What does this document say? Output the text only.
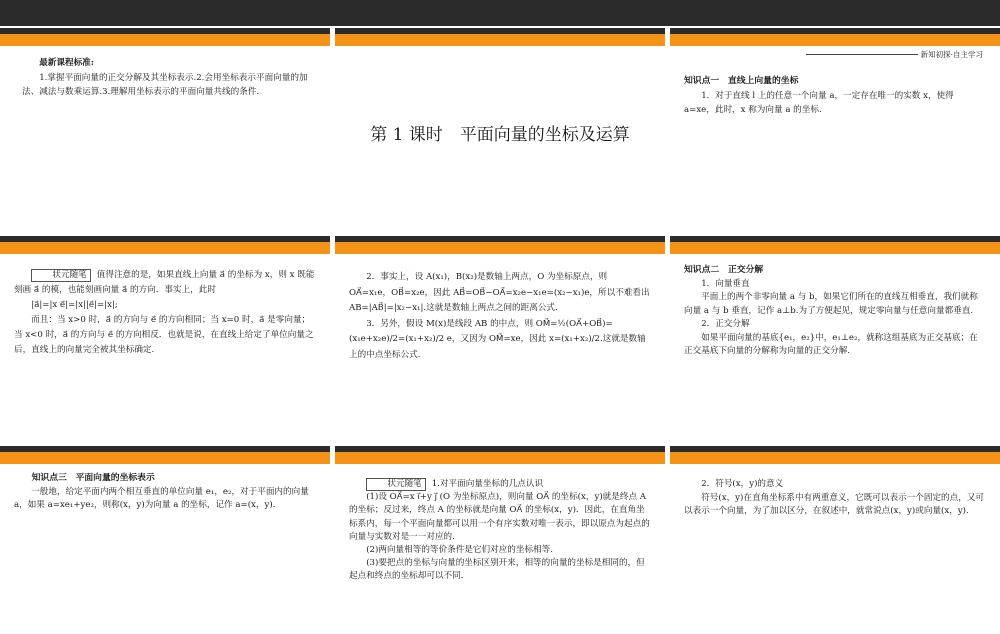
最新课程标准:
1.掌握平面向量的正交分解及其坐标表示.2.会用坐标表示平面向量的加法、减法与数乘运算.3.理解用坐标表示的平面向量共线的条件.
第 1 课时　平面向量的坐标及运算
新知初探·自主学习
知识点一　直线上向量的坐标
1．对于直线 l 上的任意一个向量 a，一定存在唯一的实数 x，使得 a=xe，此时，x 称为向量 a 的坐标.
状元随笔 值得注意的是，如果直线上向量 a⃗ 的坐标为 x，则 x 既能刻画 a⃗ 的模，也能刻画向量 a⃗ 的方向．事实上，此时
|a⃗|=|x e⃗|=|x||e⃗|=|x|;
而且：当 x>0 时，a⃗ 的方向与 e⃗ 的方向相同；当 x=0 时，a⃗ 是零向量；当 x<0 时，a⃗ 的方向与 e⃗ 的方向相反．也就是说，在直线上给定了单位向量之后，直线上的向量完全被其坐标确定.
2．事实上，设 A(x₁)，B(x₂)是数轴上两点，O 为坐标原点，则 OA⃗=x₁e，OB⃗=x₂e，因此 AB⃗=OB⃗−OA⃗=x₂e−x₁e=(x₂−x₁)e，所以不难看出 AB=|AB⃗|=|x₂−x₁|.这就是数轴上两点之间的距离公式.
3．另外，假设 M(x)是线段 AB 的中点，则 OM⃗=½(OA⃗+OB⃗)=(x₁e+x₂e)/2=(x₁+x₂)/2 e，又因为 OM⃗=xe，因此 x=(x₁+x₂)/2.这就是数轴上的中点坐标公式.
知识点二　正交分解
1．向量垂直
平面上的两个非零向量 a 与 b，如果它们所在的直线互相垂直，我们就称向量 a 与 b 垂直，记作 a⊥b.为了方便起见，规定零向量与任意向量都垂直.
2．正交分解
如果平面向量的基底{e₁，e₂}中，e₁⊥e₂，就称这组基底为正交基底；在正交基底下向量的分解称为向量的正交分解.
知识点三　平面向量的坐标表示
一般地，给定平面内两个相互垂直的单位向量 e₁，e₂，对于平面内的向量 a，如果 a=xe₁+ye₂，则称(x，y)为向量 a 的坐标，记作 a=(x，y).
状元随笔 1.对平面向量坐标的几点认识
(1)设 OA⃗=x i⃗+y j⃗ (O 为坐标原点)，则向量 OA⃗ 的坐标(x，y)就是终点 A 的坐标；反过来，终点 A 的坐标就是向量 OA⃗ 的坐标(x，y)．因此，在直角坐标系内，每一个平面向量都可以用一个有序实数对唯一表示，即以原点为起点的向量与实数对是一一对应的.
(2)两向量相等的等价条件是它们对应的坐标相等.
(3)要把点的坐标与向量的坐标区别开来，相等的向量的坐标是相同的，但起点和终点的坐标却可以不同.
2．符号(x，y)的意义
符号(x，y)在直角坐标系中有两重意义，它既可以表示一个固定的点，又可以表示一个向量，为了加以区分，在叙述中，就常说点(x，y)或向量(x，y).
